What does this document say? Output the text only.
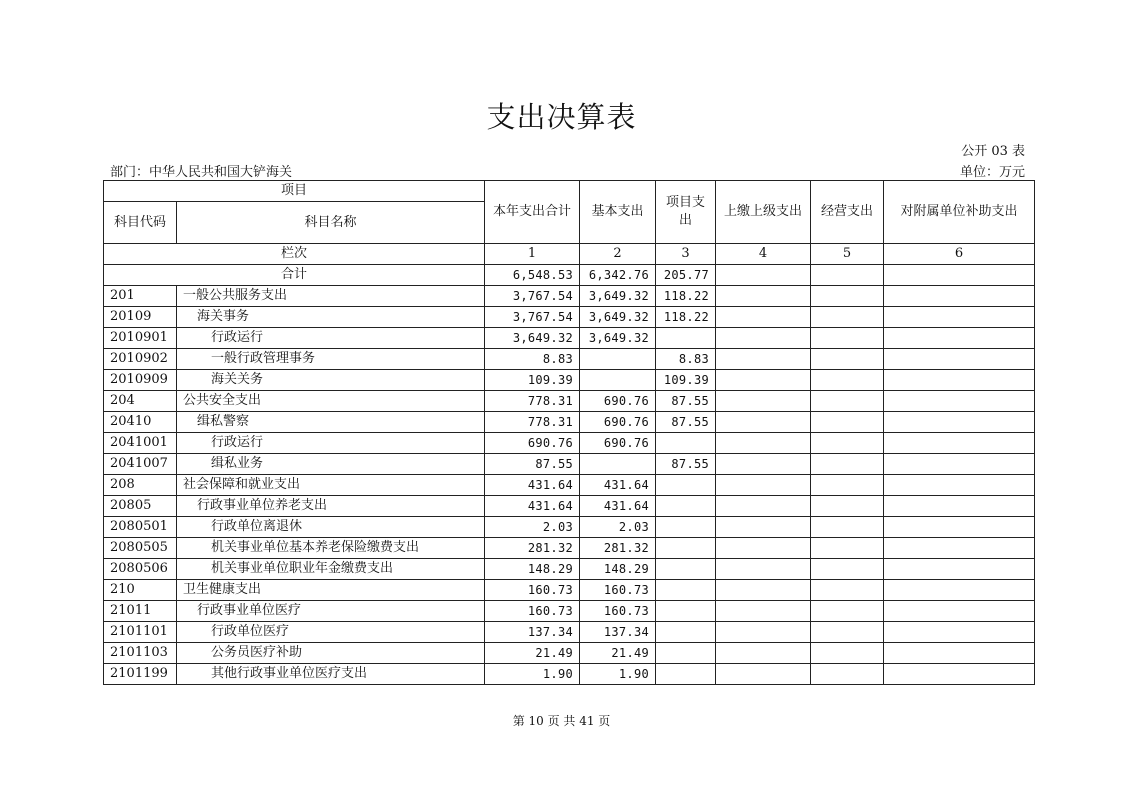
支出决算表
公开 03 表
部门：中华人民共和国大铲海关	单位：万元
项目		本年支出合计	基本支出	项目支出	上缴上级支出	经营支出	对附属单位补助支出
科目代码	科目名称						
栏次		1	2	3	4	5	6
合计		6,548.53	6,342.76	205.77			
201	一般公共服务支出	3,767.54	3,649.32	118.22			
20109	海关事务	3,767.54	3,649.32	118.22			
2010901	行政运行	3,649.32	3,649.32				
2010902	一般行政管理事务	8.83		8.83			
2010909	海关关务	109.39		109.39			
204	公共安全支出	778.31	690.76	87.55			
20410	缉私警察	778.31	690.76	87.55			
2041001	行政运行	690.76	690.76				
2041007	缉私业务	87.55		87.55			
208	社会保障和就业支出	431.64	431.64				
20805	行政事业单位养老支出	431.64	431.64				
2080501	行政单位离退休	2.03	2.03				
2080505	机关事业单位基本养老保险缴费支出	281.32	281.32				
2080506	机关事业单位职业年金缴费支出	148.29	148.29				
210	卫生健康支出	160.73	160.73				
21011	行政事业单位医疗	160.73	160.73				
2101101	行政单位医疗	137.34	137.34				
2101103	公务员医疗补助	21.49	21.49				
2101199	其他行政事业单位医疗支出	1.90	1.90				
第 10 页 共 41 页
